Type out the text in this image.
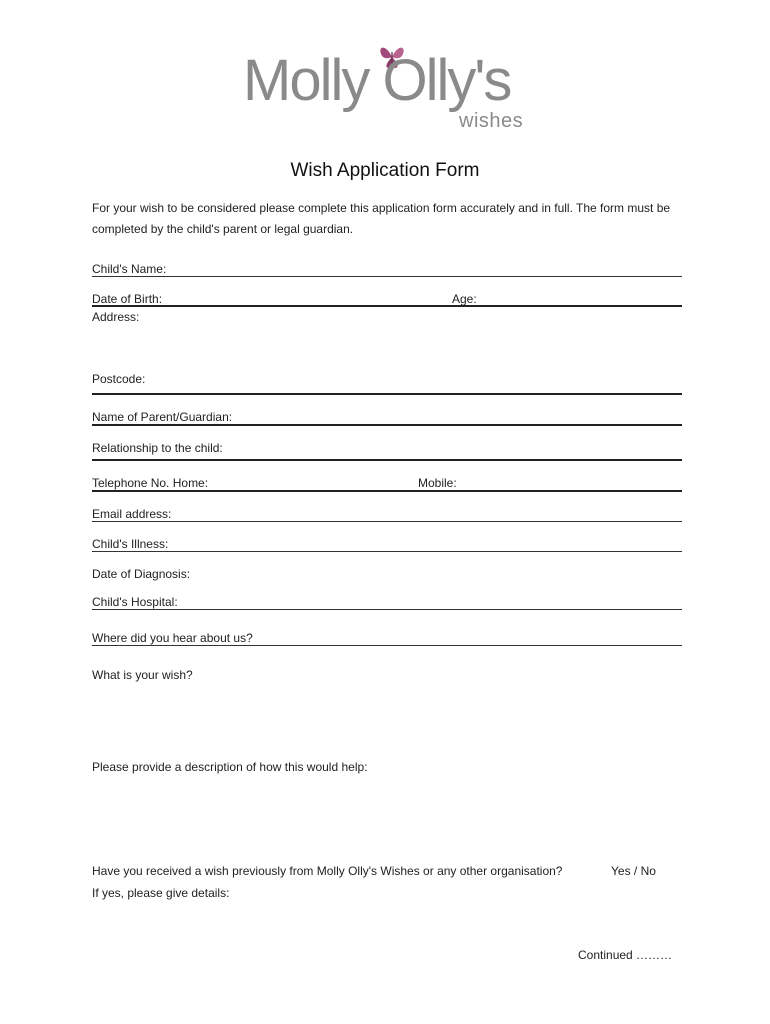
Molly Olly's
wishes
Wish Application Form
For your wish to be considered please complete this application form accurately and in full. The form must be completed by the child's parent or legal guardian.
Child's Name:
Date of Birth:	Age:
Address:
Postcode:
Name of Parent/Guardian:
Relationship to the child:
Telephone No. Home:	Mobile:
Email address:
Child's Illness:
Date of Diagnosis:
Child's Hospital:
Where did you hear about us?
What is your wish?
Please provide a description of how this would help:
Have you received a wish previously from Molly Olly's Wishes or any other organisation?	Yes / No
If yes, please give details:
Continued ………
